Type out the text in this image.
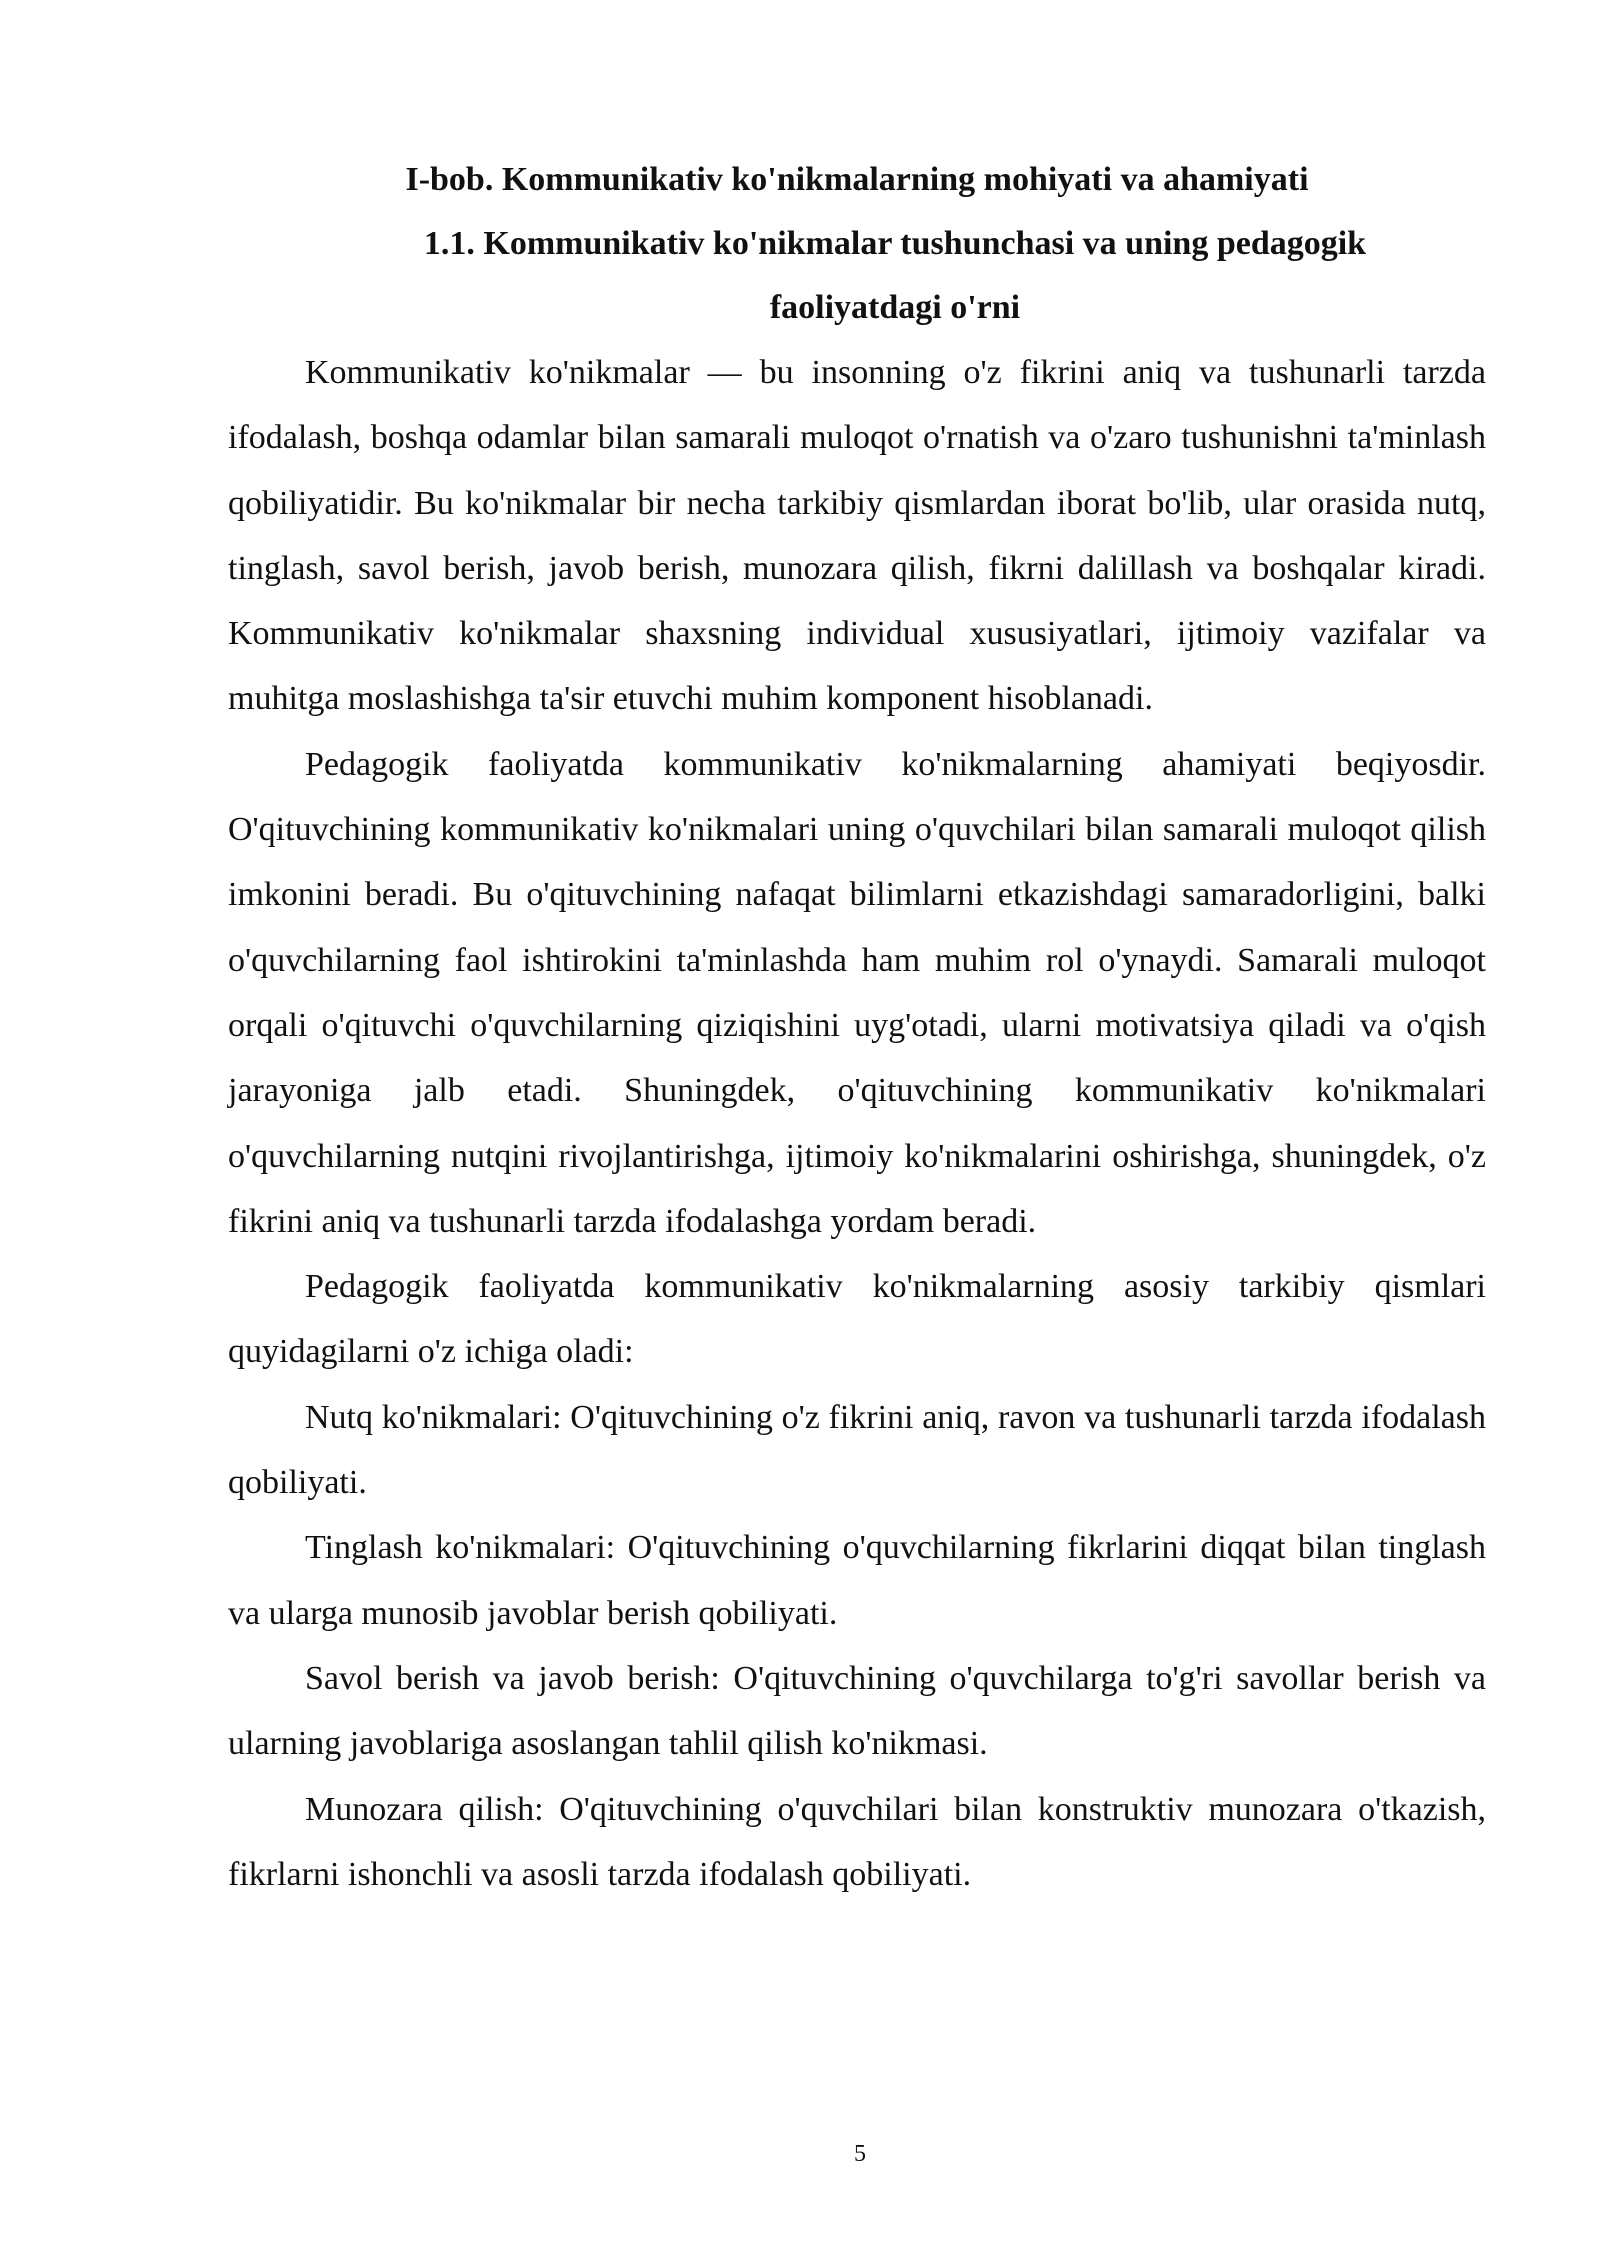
I-bob. Kommunikativ ko'nikmalarning mohiyati va ahamiyati
1.1. Kommunikativ ko'nikmalar tushunchasi va uning pedagogik faoliyatdagi o'rni

Kommunikativ ko'nikmalar — bu insonning o'z fikrini aniq va tushunarli tarzda ifodalash, boshqa odamlar bilan samarali muloqot o'rnatish va o'zaro tushunishni ta'minlash qobiliyatidir. Bu ko'nikmalar bir necha tarkibiy qismlardan iborat bo'lib, ular orasida nutq, tinglash, savol berish, javob berish, munozara qilish, fikrni dalillash va boshqalar kiradi. Kommunikativ ko'nikmalar shaxsning individual xususiyatlari, ijtimoiy vazifalar va muhitga moslashishga ta'sir etuvchi muhim komponent hisoblanadi.

Pedagogik faoliyatda kommunikativ ko'nikmalarning ahamiyati beqiyosdir. O'qituvchining kommunikativ ko'nikmalari uning o'quvchilari bilan samarali muloqot qilish imkonini beradi. Bu o'qituvchining nafaqat bilimlarni etkazishdagi samaradorligini, balki o'quvchilarning faol ishtirokini ta'minlashda ham muhim rol o'ynaydi. Samarali muloqot orqali o'qituvchi o'quvchilarning qiziqishini uyg'otadi, ularni motivatsiya qiladi va o'qish jarayoniga jalb etadi. Shuningdek, o'qituvchining kommunikativ ko'nikmalari o'quvchilarning nutqini rivojlantirishga, ijtimoiy ko'nikmalarini oshirishga, shuningdek, o'z fikrini aniq va tushunarli tarzda ifodalashga yordam beradi.

Pedagogik faoliyatda kommunikativ ko'nikmalarning asosiy tarkibiy qismlari quyidagilarni o'z ichiga oladi:

Nutq ko'nikmalari: O'qituvchining o'z fikrini aniq, ravon va tushunarli tarzda ifodalash qobiliyati.

Tinglash ko'nikmalari: O'qituvchining o'quvchilarning fikrlarini diqqat bilan tinglash va ularga munosib javoblar berish qobiliyati.

Savol berish va javob berish: O'qituvchining o'quvchilarga to'g'ri savollar berish va ularning javoblariga asoslangan tahlil qilish ko'nikmasi.

Munozara qilish: O'qituvchining o'quvchilari bilan konstruktiv munozara o'tkazish, fikrlarni ishonchli va asosli tarzda ifodalash qobiliyati.

5
